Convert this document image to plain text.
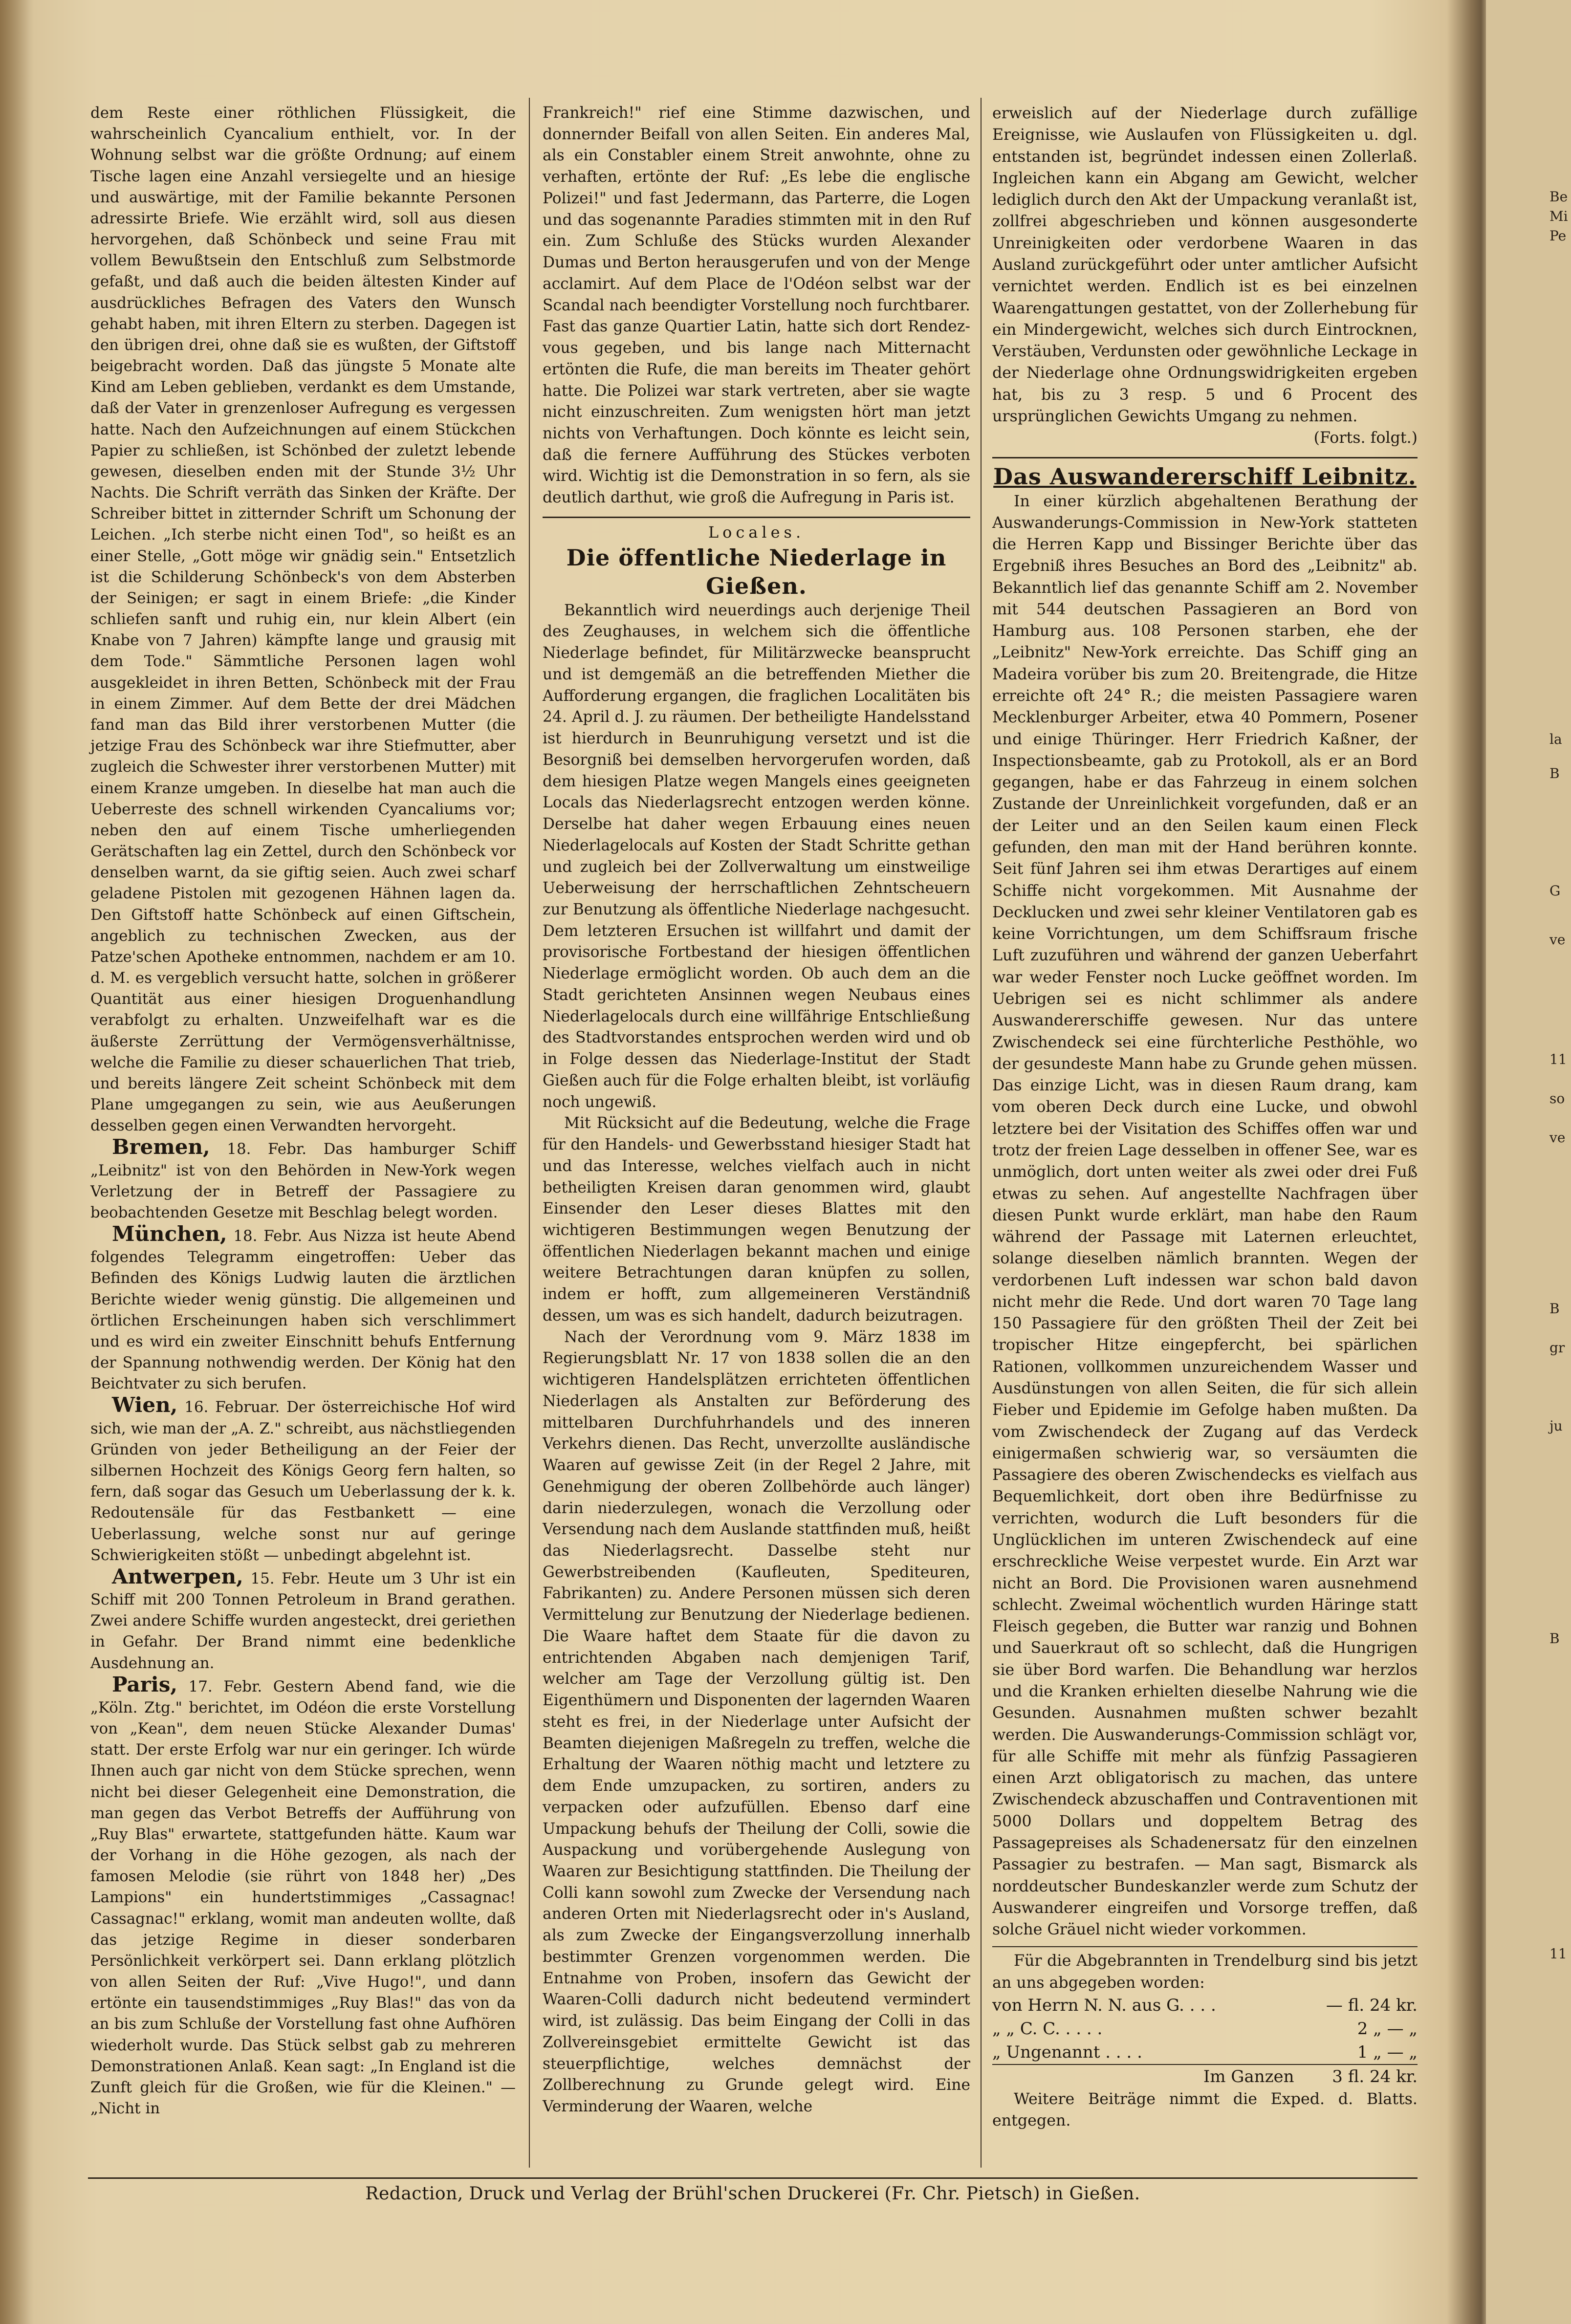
dem Reste einer röthlichen Flüssigkeit, die wahrscheinlich Cyancalium enthielt, vor. In der Wohnung selbst war die größte Ordnung; auf einem Tische lagen eine Anzahl versiegelte und an hiesige und auswärtige, mit der Familie bekannte Personen adressirte Briefe. Wie erzählt wird, soll aus diesen hervorgehen, daß Schönbeck und seine Frau mit vollem Bewußtsein den Entschluß zum Selbstmorde gefaßt, und daß auch die beiden ältesten Kinder auf ausdrückliches Befragen des Vaters den Wunsch gehabt haben, mit ihren Eltern zu sterben. Dagegen ist den übrigen drei, ohne daß sie es wußten, der Giftstoff beigebracht worden. Daß das jüngste 5 Monate alte Kind am Leben geblieben, verdankt es dem Umstande, daß der Vater in grenzenloser Aufregung es vergessen hatte. Nach den Aufzeichnungen auf einem Stückchen Papier zu schließen, ist Schönbed der zuletzt lebende gewesen, dieselben enden mit der Stunde 3½ Uhr Nachts. Die Schrift verräth das Sinken der Kräfte. Der Schreiber bittet in zitternder Schrift um Schonung der Leichen. „Ich sterbe nicht einen Tod", so heißt es an einer Stelle, „Gott möge wir gnädig sein." Entsetzlich ist die Schilderung Schönbeck's von dem Absterben der Seinigen; er sagt in einem Briefe: „die Kinder schliefen sanft und ruhig ein, nur klein Albert (ein Knabe von 7 Jahren) kämpfte lange und grausig mit dem Tode." Sämmtliche Personen lagen wohl ausgekleidet in ihren Betten, Schönbeck mit der Frau in einem Zimmer. Auf dem Bette der drei Mädchen fand man das Bild ihrer verstorbenen Mutter (die jetzige Frau des Schönbeck war ihre Stiefmutter, aber zugleich die Schwester ihrer verstorbenen Mutter) mit einem Kranze umgeben. In dieselbe hat man auch die Ueberreste des schnell wirkenden Cyancaliums vor; neben den auf einem Tische umherliegenden Gerätschaften lag ein Zettel, durch den Schönbeck vor denselben warnt, da sie giftig seien. Auch zwei scharf geladene Pistolen mit gezogenen Hähnen lagen da. Den Giftstoff hatte Schönbeck auf einen Giftschein, angeblich zu technischen Zwecken, aus der Patze'schen Apotheke entnommen, nachdem er am 10. d. M. es vergeblich versucht hatte, solchen in größerer Quantität aus einer hiesigen Droguenhandlung verabfolgt zu erhalten. Unzweifelhaft war es die äußerste Zerrüttung der Vermögensverhältnisse, welche die Familie zu dieser schauerlichen That trieb, und bereits längere Zeit scheint Schönbeck mit dem Plane umgegangen zu sein, wie aus Aeußerungen desselben gegen einen Verwandten hervorgeht.

Bremen, 18. Febr. Das hamburger Schiff „Leibnitz" ist von den Behörden in New-York wegen Verletzung der in Betreff der Passagiere zu beobachtenden Gesetze mit Beschlag belegt worden.

München, 18. Febr. Aus Nizza ist heute Abend folgendes Telegramm eingetroffen: Ueber das Befinden des Königs Ludwig lauten die ärztlichen Berichte wieder wenig günstig. Die allgemeinen und örtlichen Erscheinungen haben sich verschlimmert und es wird ein zweiter Einschnitt behufs Entfernung der Spannung nothwendig werden. Der König hat den Beichtvater zu sich berufen.

Wien, 16. Februar. Der österreichische Hof wird sich, wie man der „A. Z." schreibt, aus nächstliegenden Gründen von jeder Betheiligung an der Feier der silbernen Hochzeit des Königs Georg fern halten, so fern, daß sogar das Gesuch um Ueberlassung der k. k. Redoutensäle für das Festbankett — eine Ueberlassung, welche sonst nur auf geringe Schwierigkeiten stößt — unbedingt abgelehnt ist.

Antwerpen, 15. Febr. Heute um 3 Uhr ist ein Schiff mit 200 Tonnen Petroleum in Brand gerathen. Zwei andere Schiffe wurden angesteckt, drei geriethen in Gefahr. Der Brand nimmt eine bedenkliche Ausdehnung an.

Paris, 17. Febr. Gestern Abend fand, wie die „Köln. Ztg." berichtet, im Odéon die erste Vorstellung von „Kean", dem neuen Stücke Alexander Dumas' statt. Der erste Erfolg war nur ein geringer. Ich würde Ihnen auch gar nicht von dem Stücke sprechen, wenn nicht bei dieser Gelegenheit eine Demonstration, die man gegen das Verbot Betreffs der Aufführung von „Ruy Blas" erwartete, stattgefunden hätte. Kaum war der Vorhang in die Höhe gezogen, als nach der famosen Melodie (sie rührt von 1848 her) „Des Lampions" ein hundertstimmiges „Cassagnac! Cassagnac!" erklang, womit man andeuten wollte, daß das jetzige Regime in dieser sonderbaren Persönlichkeit verkörpert sei. Dann erklang plötzlich von allen Seiten der Ruf: „Vive Hugo!", und dann ertönte ein tausendstimmiges „Ruy Blas!" das von da an bis zum Schluße der Vorstellung fast ohne Aufhören wiederholt wurde. Das Stück selbst gab zu mehreren Demonstrationen Anlaß. Kean sagt: „In England ist die Zunft gleich für die Großen, wie für die Kleinen." — „Nicht in

Frankreich!" rief eine Stimme dazwischen, und donnernder Beifall von allen Seiten. Ein anderes Mal, als ein Constabler einem Streit anwohnte, ohne zu verhaften, ertönte der Ruf: „Es lebe die englische Polizei!" und fast Jedermann, das Parterre, die Logen und das sogenannte Paradies stimmten mit in den Ruf ein. Zum Schluße des Stücks wurden Alexander Dumas und Berton herausgerufen und von der Menge acclamirt. Auf dem Place de l'Odéon selbst war der Scandal nach beendigter Vorstellung noch furchtbarer. Fast das ganze Quartier Latin, hatte sich dort Rendez-vous gegeben, und bis lange nach Mitternacht ertönten die Rufe, die man bereits im Theater gehört hatte. Die Polizei war stark vertreten, aber sie wagte nicht einzuschreiten. Zum wenigsten hört man jetzt nichts von Verhaftungen. Doch könnte es leicht sein, daß die fernere Aufführung des Stückes verboten wird. Wichtig ist die Demonstration in so fern, als sie deutlich darthut, wie groß die Aufregung in Paris ist.

Locales.

Die öffentliche Niederlage in Gießen.

Bekanntlich wird neuerdings auch derjenige Theil des Zeughauses, in welchem sich die öffentliche Niederlage befindet, für Militärzwecke beansprucht und ist demgemäß an die betreffenden Miether die Aufforderung ergangen, die fraglichen Localitäten bis 24. April d. J. zu räumen. Der betheiligte Handelsstand ist hierdurch in Beunruhigung versetzt und ist die Besorgniß bei demselben hervorgerufen worden, daß dem hiesigen Platze wegen Mangels eines geeigneten Locals das Niederlagsrecht entzogen werden könne. Derselbe hat daher wegen Erbauung eines neuen Niederlagelocals auf Kosten der Stadt Schritte gethan und zugleich bei der Zollverwaltung um einstweilige Ueberweisung der herrschaftlichen Zehntscheuern zur Benutzung als öffentliche Niederlage nachgesucht. Dem letzteren Ersuchen ist willfahrt und damit der provisorische Fortbestand der hiesigen öffentlichen Niederlage ermöglicht worden. Ob auch dem an die Stadt gerichteten Ansinnen wegen Neubaus eines Niederlagelocals durch eine willfährige Entschließung des Stadtvorstandes entsprochen werden wird und ob in Folge dessen das Niederlage-Institut der Stadt Gießen auch für die Folge erhalten bleibt, ist vorläufig noch ungewiß.

Mit Rücksicht auf die Bedeutung, welche die Frage für den Handels- und Gewerbsstand hiesiger Stadt hat und das Interesse, welches vielfach auch in nicht betheiligten Kreisen daran genommen wird, glaubt Einsender den Leser dieses Blattes mit den wichtigeren Bestimmungen wegen Benutzung der öffentlichen Niederlagen bekannt machen und einige weitere Betrachtungen daran knüpfen zu sollen, indem er hofft, zum allgemeineren Verständniß dessen, um was es sich handelt, dadurch beizutragen.

Nach der Verordnung vom 9. März 1838 im Regierungsblatt Nr. 17 von 1838 sollen die an den wichtigeren Handelsplätzen errichteten öffentlichen Niederlagen als Anstalten zur Beförderung des mittelbaren Durchfuhrhandels und des inneren Verkehrs dienen. Das Recht, unverzollte ausländische Waaren auf gewisse Zeit (in der Regel 2 Jahre, mit Genehmigung der oberen Zollbehörde auch länger) darin niederzulegen, wonach die Verzollung oder Versendung nach dem Auslande stattfinden muß, heißt das Niederlagsrecht. Dasselbe steht nur Gewerbstreibenden (Kaufleuten, Spediteuren, Fabrikanten) zu. Andere Personen müssen sich deren Vermittelung zur Benutzung der Niederlage bedienen. Die Waare haftet dem Staate für die davon zu entrichtenden Abgaben nach demjenigen Tarif, welcher am Tage der Verzollung gültig ist. Den Eigenthümern und Disponenten der lagernden Waaren steht es frei, in der Niederlage unter Aufsicht der Beamten diejenigen Maßregeln zu treffen, welche die Erhaltung der Waaren nöthig macht und letztere zu dem Ende umzupacken, zu sortiren, anders zu verpacken oder aufzufüllen. Ebenso darf eine Umpackung behufs der Theilung der Colli, sowie die Auspackung und vorübergehende Auslegung von Waaren zur Besichtigung stattfinden. Die Theilung der Colli kann sowohl zum Zwecke der Versendung nach anderen Orten mit Niederlagsrecht oder in's Ausland, als zum Zwecke der Eingangsverzollung innerhalb bestimmter Grenzen vorgenommen werden. Die Entnahme von Proben, insofern das Gewicht der Waaren-Colli dadurch nicht bedeutend vermindert wird, ist zulässig. Das beim Eingang der Colli in das Zollvereinsgebiet ermittelte Gewicht ist das steuerpflichtige, welches demnächst der Zollberechnung zu Grunde gelegt wird. Eine Verminderung der Waaren, welche

erweislich auf der Niederlage durch zufällige Ereignisse, wie Auslaufen von Flüssigkeiten u. dgl. entstanden ist, begründet indessen einen Zollerlaß. Ingleichen kann ein Abgang am Gewicht, welcher lediglich durch den Akt der Umpackung veranlaßt ist, zollfrei abgeschrieben und können ausgesonderte Unreinigkeiten oder verdorbene Waaren in das Ausland zurückgeführt oder unter amtlicher Aufsicht vernichtet werden. Endlich ist es bei einzelnen Waarengattungen gestattet, von der Zollerhebung für ein Mindergewicht, welches sich durch Eintrocknen, Verstäuben, Verdunsten oder gewöhnliche Leckage in der Niederlage ohne Ordnungswidrigkeiten ergeben hat, bis zu 3 resp. 5 und 6 Procent des ursprünglichen Gewichts Umgang zu nehmen.

(Forts. folgt.)

Das Auswandererschiff Leibnitz.

In einer kürzlich abgehaltenen Berathung der Auswanderungs-Commission in New-York statteten die Herren Kapp und Bissinger Berichte über das Ergebniß ihres Besuches an Bord des „Leibnitz" ab. Bekanntlich lief das genannte Schiff am 2. November mit 544 deutschen Passagieren an Bord von Hamburg aus. 108 Personen starben, ehe der „Leibnitz" New-York erreichte. Das Schiff ging an Madeira vorüber bis zum 20. Breitengrade, die Hitze erreichte oft 24° R.; die meisten Passagiere waren Mecklenburger Arbeiter, etwa 40 Pommern, Posener und einige Thüringer. Herr Friedrich Kaßner, der Inspectionsbeamte, gab zu Protokoll, als er an Bord gegangen, habe er das Fahrzeug in einem solchen Zustande der Unreinlichkeit vorgefunden, daß er an der Leiter und an den Seilen kaum einen Fleck gefunden, den man mit der Hand berühren konnte. Seit fünf Jahren sei ihm etwas Derartiges auf einem Schiffe nicht vorgekommen. Mit Ausnahme der Decklucken und zwei sehr kleiner Ventilatoren gab es keine Vorrichtungen, um dem Schiffsraum frische Luft zuzuführen und während der ganzen Ueberfahrt war weder Fenster noch Lucke geöffnet worden. Im Uebrigen sei es nicht schlimmer als andere Auswandererschiffe gewesen. Nur das untere Zwischendeck sei eine fürchterliche Pesthöhle, wo der gesundeste Mann habe zu Grunde gehen müssen. Das einzige Licht, was in diesen Raum drang, kam vom oberen Deck durch eine Lucke, und obwohl letztere bei der Visitation des Schiffes offen war und trotz der freien Lage desselben in offener See, war es unmöglich, dort unten weiter als zwei oder drei Fuß etwas zu sehen. Auf angestellte Nachfragen über diesen Punkt wurde erklärt, man habe den Raum während der Passage mit Laternen erleuchtet, solange dieselben nämlich brannten. Wegen der verdorbenen Luft indessen war schon bald davon nicht mehr die Rede. Und dort waren 70 Tage lang 150 Passagiere für den größten Theil der Zeit bei tropischer Hitze eingepfercht, bei spärlichen Rationen, vollkommen unzureichendem Wasser und Ausdünstungen von allen Seiten, die für sich allein Fieber und Epidemie im Gefolge haben mußten. Da vom Zwischendeck der Zugang auf das Verdeck einigermaßen schwierig war, so versäumten die Passagiere des oberen Zwischendecks es vielfach aus Bequemlichkeit, dort oben ihre Bedürfnisse zu verrichten, wodurch die Luft besonders für die Unglücklichen im unteren Zwischendeck auf eine erschreckliche Weise verpestet wurde. Ein Arzt war nicht an Bord. Die Provisionen waren ausnehmend schlecht. Zweimal wöchentlich wurden Häringe statt Fleisch gegeben, die Butter war ranzig und Bohnen und Sauerkraut oft so schlecht, daß die Hungrigen sie über Bord warfen. Die Behandlung war herzlos und die Kranken erhielten dieselbe Nahrung wie die Gesunden. Ausnahmen mußten schwer bezahlt werden. Die Auswanderungs-Commission schlägt vor, für alle Schiffe mit mehr als fünfzig Passagieren einen Arzt obligatorisch zu machen, das untere Zwischendeck abzuschaffen und Contraventionen mit 5000 Dollars und doppeltem Betrag des Passagepreises als Schadenersatz für den einzelnen Passagier zu bestrafen. — Man sagt, Bismarck als norddeutscher Bundeskanzler werde zum Schutz der Auswanderer eingreifen und Vorsorge treffen, daß solche Gräuel nicht wieder vorkommen.

Für die Abgebrannten in Trendelburg sind bis jetzt an uns abgegeben worden:

von Herrn N. N. aus G. . . .	— fl. 24 kr.
„ „ C. C. . . . .	2 „ — „
„ Ungenannt . . . .	1 „ — „
Im Ganzen	3 fl. 24 kr.

Weitere Beiträge nimmt die Exped. d. Blatts. entgegen.

Redaction, Druck und Verlag der Brühl'schen Druckerei (Fr. Chr. Pietsch) in Gießen.
Be
Mi
Pe
la
B
G
ve
11
so
ve
B
gr
ju
B
11
